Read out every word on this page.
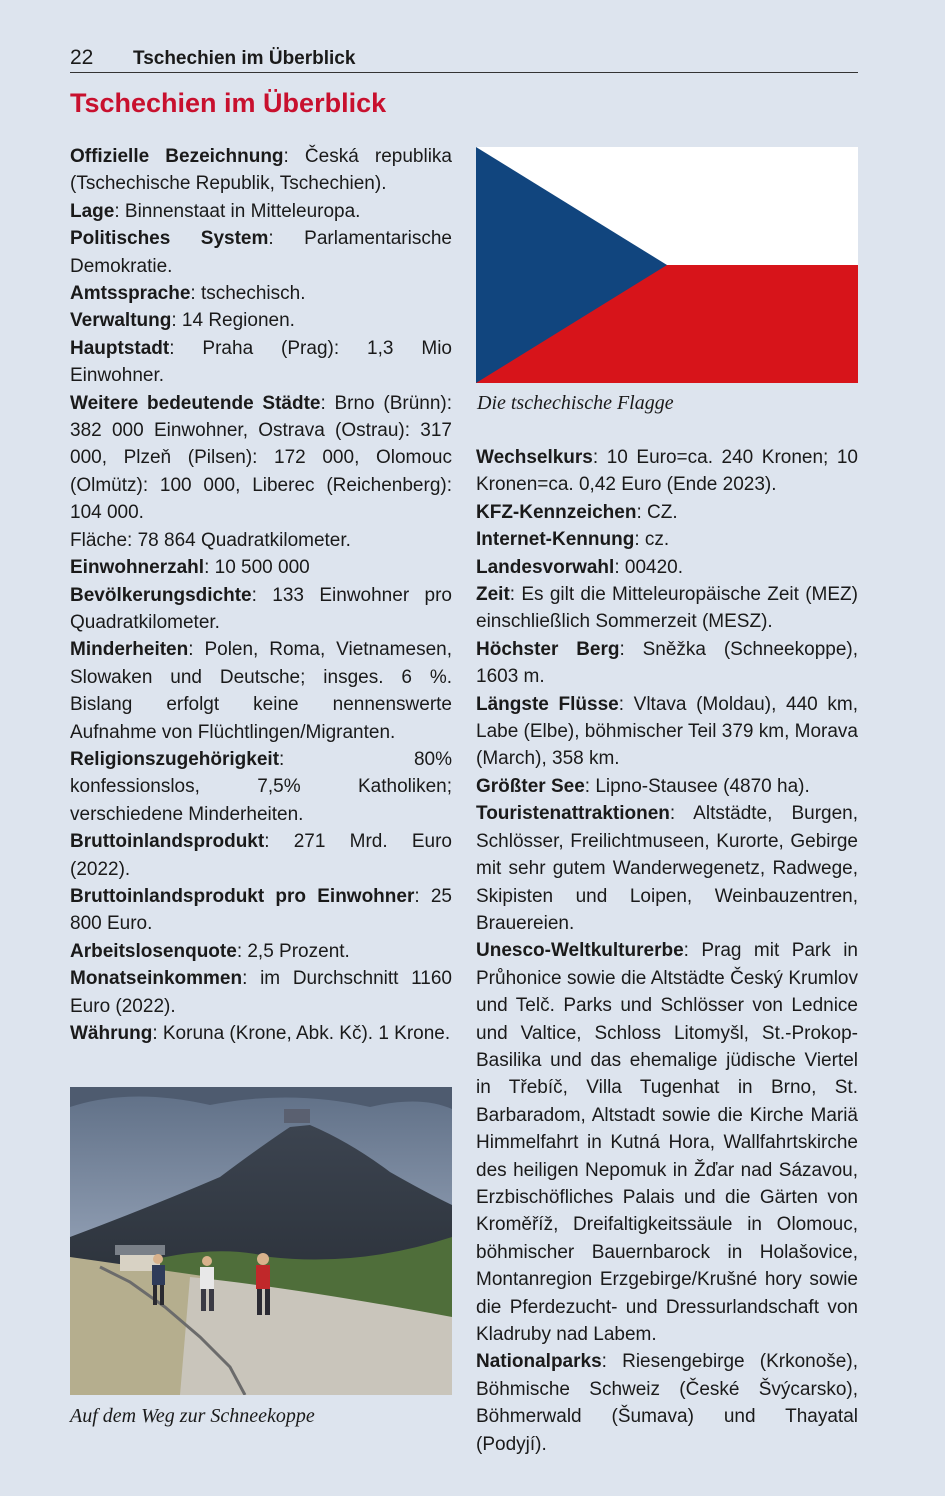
22 Tschechien im Überblick
Tschechien im Überblick

Offizielle Bezeichnung: Česká republika (Tschechische Republik, Tschechien).

Lage: Binnenstaat in Mitteleuropa.

Politisches System: Parlamentarische Demokratie.

Amtssprache: tschechisch.

Verwaltung: 14 Regionen.

Hauptstadt: Praha (Prag): 1,3 Mio Einwohner.

Weitere bedeutende Städte: Brno (Brünn): 382 000 Einwohner, Ostrava (Ostrau): 317 000, Plzeň (Pilsen): 172 000, Olomouc (Olmütz): 100 000, Liberec (Reichenberg): 104 000.

Fläche: 78 864 Quadratkilometer.

Einwohnerzahl: 10 500 000

Bevölkerungsdichte: 133 Einwohner pro Quadratkilometer.

Minderheiten: Polen, Roma, Vietnamesen, Slowaken und Deutsche; insges. 6 %. Bislang erfolgt keine nennenswerte Aufnahme von Flüchtlingen/Migranten.

Religionszugehörigkeit: 80% konfessionslos, 7,5% Katholiken; verschiedene Minderheiten.

Bruttoinlandsprodukt: 271 Mrd. Euro (2022).

Bruttoinlandsprodukt pro Einwohner: 25 800 Euro.

Arbeitslosenquote: 2,5 Prozent.

Monatseinkommen: im Durchschnitt 1160 Euro (2022).

Währung: Koruna (Krone, Abk. Kč). 1 Krone.

Die tschechische Flagge

Wechselkurs: 10 Euro=ca. 240 Kronen; 10 Kronen=ca. 0,42 Euro (Ende 2023).

KFZ-Kennzeichen: CZ.

Internet-Kennung: cz.

Landesvorwahl: 00420.

Zeit: Es gilt die Mitteleuropäische Zeit (MEZ) einschließlich Sommerzeit (MESZ).

Höchster Berg: Sněžka (Schneekoppe), 1603 m.

Längste Flüsse: Vltava (Moldau), 440 km, Labe (Elbe), böhmischer Teil 379 km, Morava (March), 358 km.

Größter See: Lipno-Stausee (4870 ha).

Touristenattraktionen: Altstädte, Burgen, Schlösser, Freilichtmuseen, Kurorte, Gebirge mit sehr gutem Wanderwegenetz, Radwege, Skipisten und Loipen, Weinbauzentren, Brauereien.

Unesco-Weltkulturerbe: Prag mit Park in Průhonice sowie die Altstädte Český Krumlov und Telč. Parks und Schlösser von Lednice und Valtice, Schloss Litomyšl, St.-Prokop-Basilika und das ehemalige jüdische Viertel in Třebíč, Villa Tugenhat in Brno, St. Barbaradom, Altstadt sowie die Kirche Mariä Himmelfahrt in Kutná Hora, Wallfahrtskirche des heiligen Nepomuk in Žďar nad Sázavou, Erzbischöfliches Palais und die Gärten von Kroměříž, Dreifaltigkeitssäule in Olomouc, böhmischer Bauernbarock in Holašovice, Montanregion Erzgebirge/Krušné hory sowie die Pferdezucht- und Dressurlandschaft von Kladruby nad Labem.

Nationalparks: Riesengebirge (Krkonoše), Böhmische Schweiz (České Švýcarsko), Böhmerwald (Šumava) und Thayatal (Podyjí).

Auf dem Weg zur Schneekoppe
